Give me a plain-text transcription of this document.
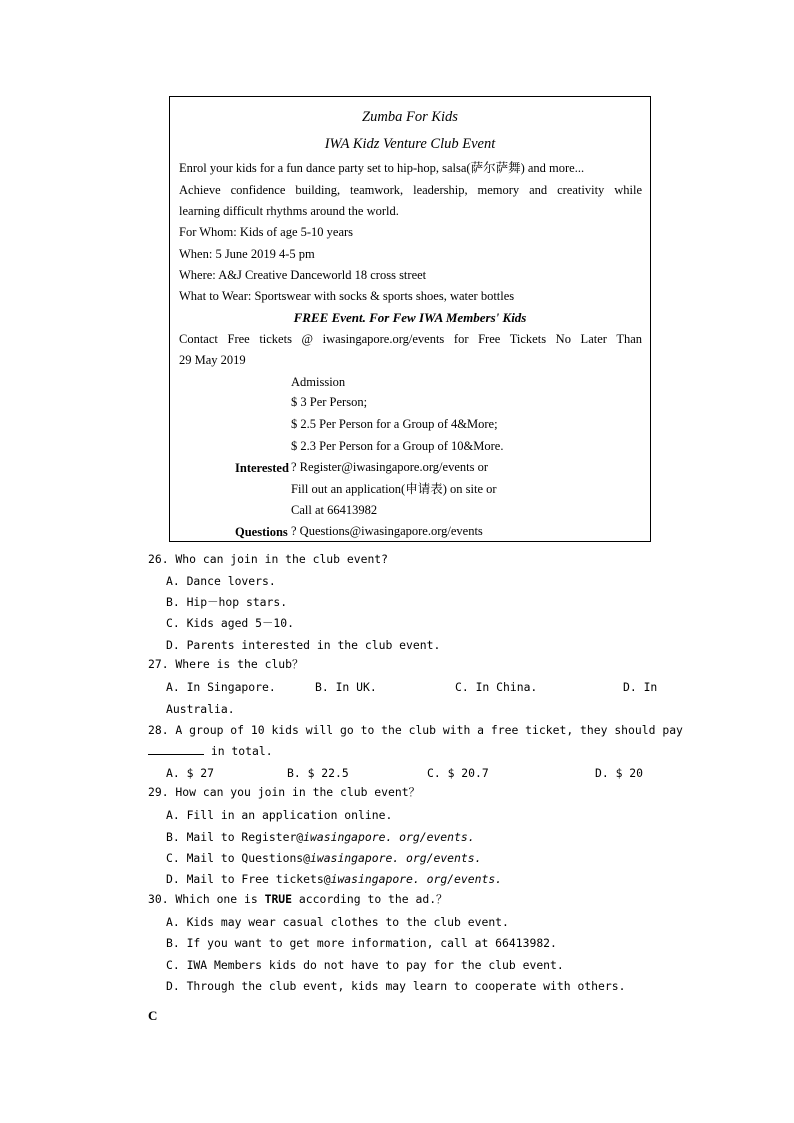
Zumba For Kids
IWA Kidz Venture Club Event
Enrol your kids for a fun dance party set to hip-hop, salsa(萨尔萨舞) and more...
Achieve confidence building, teamwork, leadership, memory and creativity while
learning difficult rhythms around the world.
For Whom: Kids of age 5-10 years
When: 5 June 2019 4-5 pm
Where: A&J Creative Danceworld 18 cross street
What to Wear: Sportswear with socks & sports shoes, water bottles
FREE Event. For Few IWA Members' Kids
Contact Free tickets @ iwasingapore.org/events for Free Tickets No Later Than
29 May 2019
Admission
$ 3 Per Person;
$ 2.5 Per Person for a Group of 4&More;
$ 2.3 Per Person for a Group of 10&More.
Interested ? Register@iwasingapore.org/events or
Fill out an application(申请表) on site or
Call at 66413982
Questions ? Questions@iwasingapore.org/events
26. Who can join in the club event?
A. Dance lovers.
B. Hip－hop stars.
C. Kids aged 5－10.
D. Parents interested in the club event.
27. Where is the club？
A. In Singapore.	B. In UK.	C. In China.	D. In
Australia.
28. A group of 10 kids will go to the club with a free ticket, they should pay
in total.
A. $ 27	B. $ 22.5	C. $ 20.7	D. $ 20
29. How can you join in the club event？
A. Fill in an application online.
B. Mail to Register@iwasingapore. org/events.
C. Mail to Questions@iwasingapore. org/events.
D. Mail to Free tickets@iwasingapore. org/events.
30. Which one is TRUE according to the ad.？
A. Kids may wear casual clothes to the club event.
B. If you want to get more information, call at 66413982.
C. IWA Members kids do not have to pay for the club event.
D. Through the club event, kids may learn to cooperate with others.
C
